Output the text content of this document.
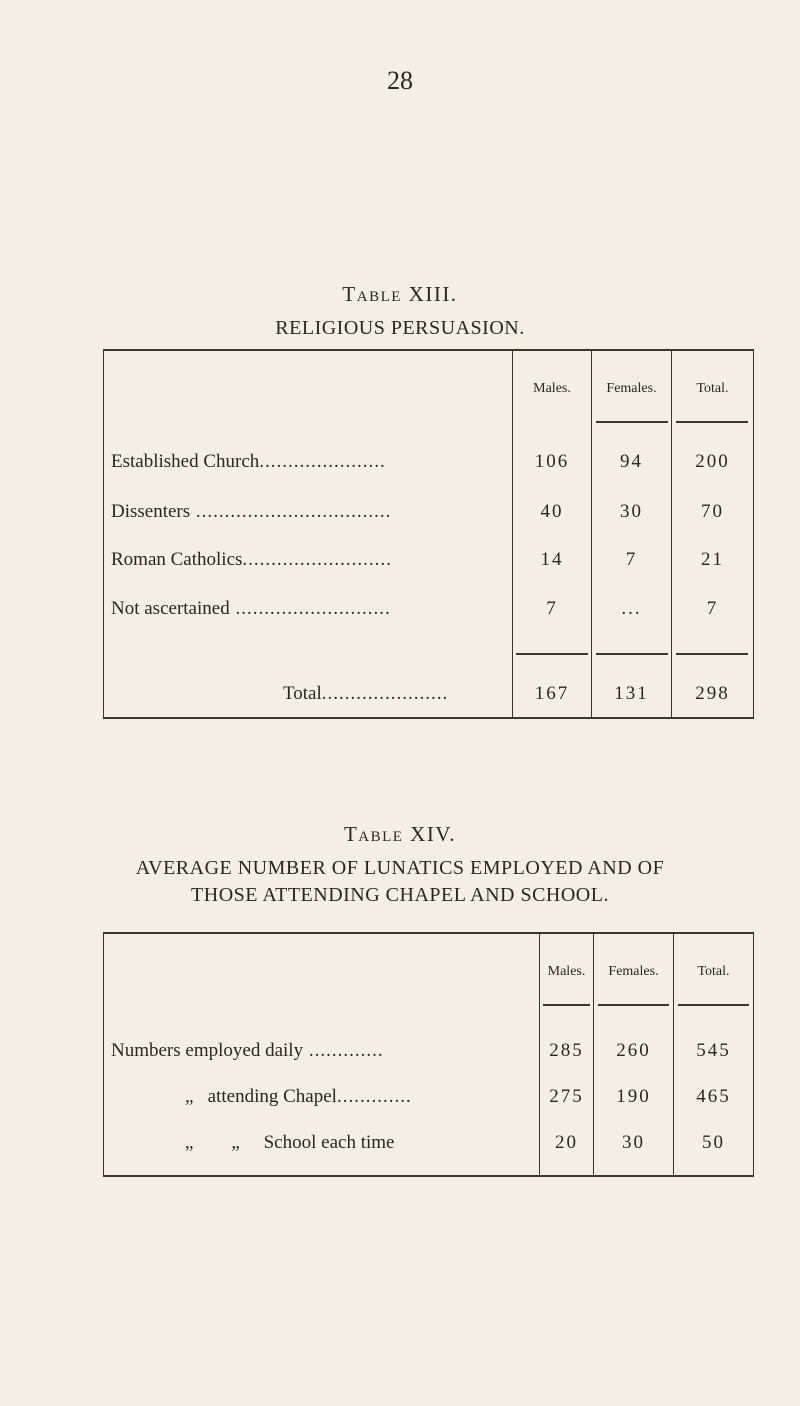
28
Table XIII.
RELIGIOUS PERSUASION.
Males.	Females.	Total.
Established Church......................	106	94	200
Dissenters ..................................	40	30	70
Roman Catholics..........................	14	7	21
Not ascertained ...........................	7	...	7
Total......................	167	131	298
Table XIV.
AVERAGE NUMBER OF LUNATICS EMPLOYED AND OF
THOSE ATTENDING CHAPEL AND SCHOOL.
Males.	Females.	Total.
Numbers employed daily .............	285	260	545
„   attending Chapel.............	275	190	465
„        „     School each time	20	30	50
